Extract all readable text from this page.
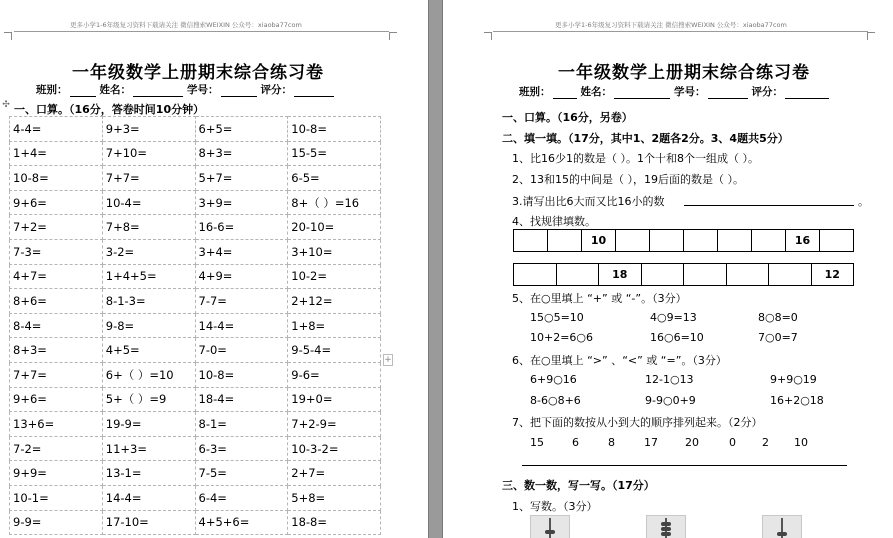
更多小学1-6年级复习资料下载请关注 微信搜索WEIXIN 公众号：xiaoba77com
一年级数学上册期末综合练习卷
班别：	姓名：	学号：	评分：
✣ 一、口算。（16分，答卷时间10分钟）
4-4=	9+3=	6+5=	10-8=
1+4=	7+10=	8+3=	15-5=
10-8=	7+7=	5+7=	6-5=
9+6=	10-4=	3+9=	8+（ ）=16
7+2=	7+8=	16-6=	20-10=
7-3=	3-2=	3+4=	3+10=
4+7=	1+4+5=	4+9=	10-2=
8+6=	8-1-3=	7-7=	2+12=
8-4=	9-8=	14-4=	1+8=
8+3=	4+5=	7-0=	9-5-4=
7+7=	6+（ ）=10	10-8=	9-6=
9+6=	5+（ ）=9	18-4=	19+0=
13+6=	19-9=	8-1=	7+2-9=
7-2=	11+3=	6-3=	10-3-2=
9+9=	13-1=	7-5=	2+7=
10-1=	14-4=	6-4=	5+8=
9-9=	17-10=	4+5+6=	18-8=
+
更多小学1-6年级复习资料下载请关注 微信搜索WEIXIN 公众号：xiaoba77com
一年级数学上册期末综合练习卷
班别：	姓名：	学号：	评分：
一、口算。（16分，另卷）
二、填一填。（17分，其中1、2题各2分。3、4题共5分）
1、比16少1的数是（ ）。1个十和8个一组成（ ）。
2、13和15的中间是（ ），19后面的数是（ ）。
3.请写出比6大而又比16小的数	。
4、找规律填数。
		10						16	
		18					12
5、在○里填上 “+” 或 “-”。（3分）
15○5=10	4○9=13	8○8=0
10+2=6○6	16○6=10	7○0=7
6、在○里填上 “>” 、“<” 或 “=”。（3分）
6+9○16	12-1○13	9+9○19
8-6○8+6	9-9○0+9	16+2○18
7、把下面的数按从小到大的顺序排列起来。（2分）
15	6	8	17 20	0 2 10
三、数一数，写一写。（17分）
1、写数。（3分）
